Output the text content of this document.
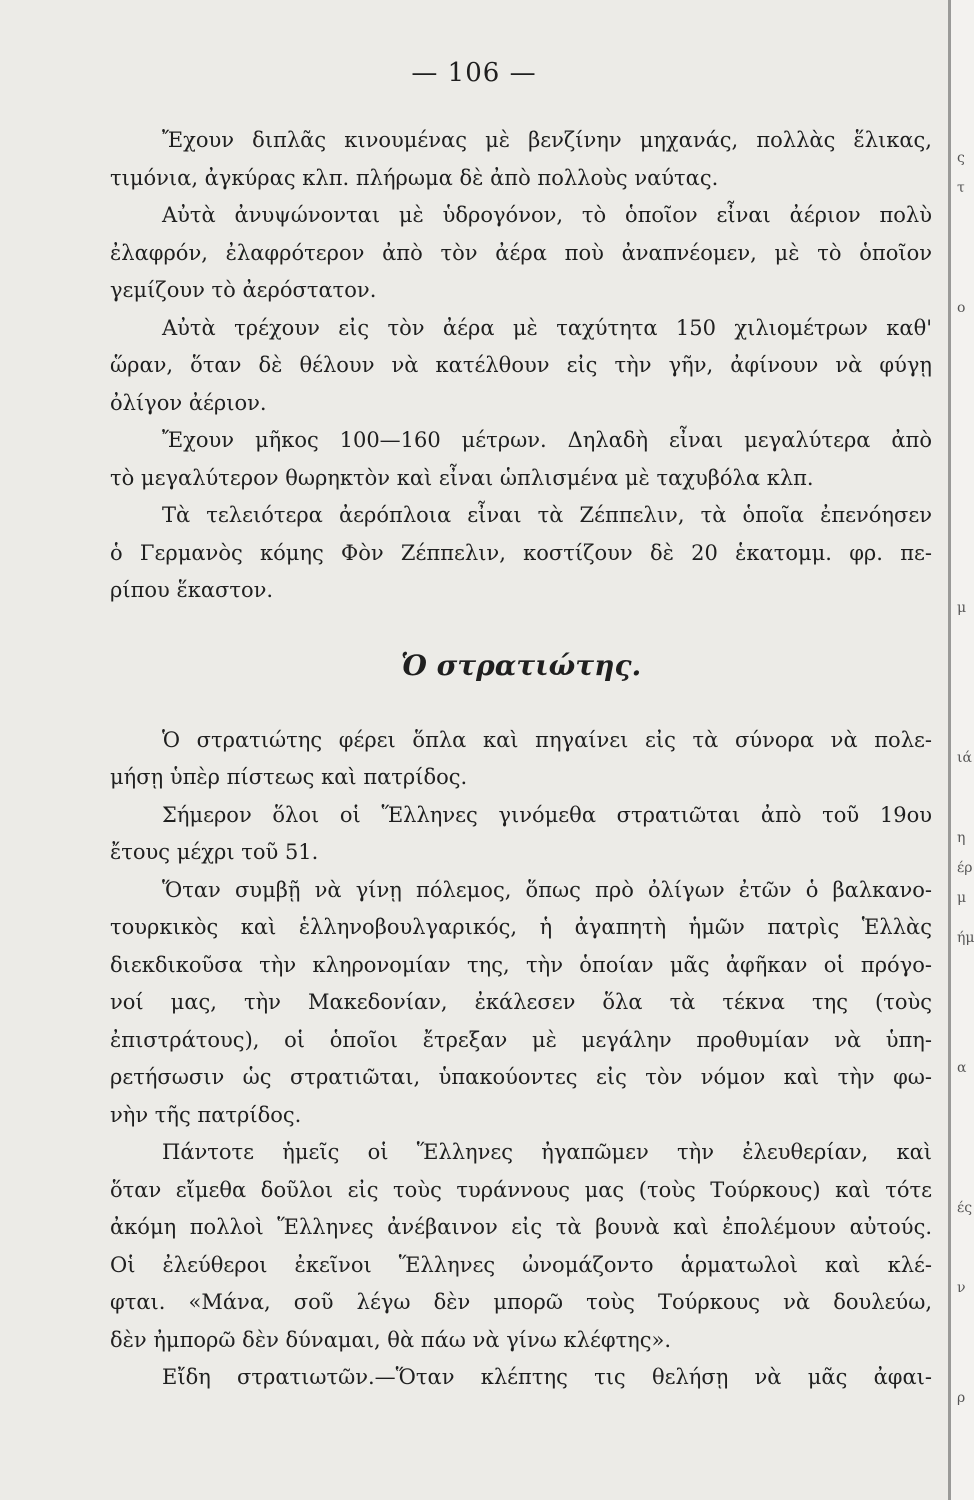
— 106 —
Ἔχουν διπλᾶς κινουμένας μὲ βενζίνην μηχανάς, πολλὰς ἕλικας,
τιμόνια, ἀγκύρας κλπ. πλήρωμα δὲ ἀπὸ πολλοὺς ναύτας.
Αὐτὰ ἀνυψώνονται μὲ ὑδρογόνον, τὸ ὁποῖον εἶναι ἀέριον πολὺ
ἐλαφρόν, ἐλαφρότερον ἀπὸ τὸν ἀέρα ποὺ ἀναπνέομεν, μὲ τὸ ὁποῖον
γεμίζουν τὸ ἀερόστατον.
Αὐτὰ τρέχουν εἰς τὸν ἀέρα μὲ ταχύτητα 150 χιλιομέτρων καθ'
ὥραν, ὅταν δὲ θέλουν νὰ κατέλθουν εἰς τὴν γῆν, ἀφίνουν νὰ φύγῃ
ὀλίγον ἀέριον.
Ἔχουν μῆκος 100—160 μέτρων. Δηλαδὴ εἶναι μεγαλύτερα ἀπὸ
τὸ μεγαλύτερον θωρηκτὸν καὶ εἶναι ὡπλισμένα μὲ ταχυβόλα κλπ.
Τὰ τελειότερα ἀερόπλοια εἶναι τὰ Ζέππελιν, τὰ ὁποῖα ἐπενόησεν
ὁ Γερμανὸς κόμης Φὸν Ζέππελιν, κοστίζουν δὲ 20 ἑκατομμ. φρ. πε-
ρίπου ἕκαστον.
Ὁ στρατιώτης.
Ὁ στρατιώτης φέρει ὅπλα καὶ πηγαίνει εἰς τὰ σύνορα νὰ πολε-
μήσῃ ὑπὲρ πίστεως καὶ πατρίδος.
Σήμερον ὅλοι οἱ Ἕλληνες γινόμεθα στρατιῶται ἀπὸ τοῦ 19ου
ἔτους μέχρι τοῦ 51.
Ὅταν συμβῇ νὰ γίνῃ πόλεμος, ὅπως πρὸ ὀλίγων ἐτῶν ὁ βαλκανο-
τουρκικὸς καὶ ἑλληνοβουλγαρικός, ἡ ἀγαπητὴ ἡμῶν πατρὶς Ἑλλὰς
διεκδικοῦσα τὴν κληρονομίαν της, τὴν ὁποίαν μᾶς ἀφῆκαν οἱ πρόγο-
νοί μας, τὴν Μακεδονίαν, ἐκάλεσεν ὅλα τὰ τέκνα της (τοὺς
ἐπιστράτους), οἱ ὁποῖοι ἔτρεξαν μὲ μεγάλην προθυμίαν νὰ ὑπη-
ρετήσωσιν ὡς στρατιῶται, ὑπακούοντες εἰς τὸν νόμον καὶ τὴν φω-
νὴν τῆς πατρίδος.
Πάντοτε ἡμεῖς οἱ Ἕλληνες ἠγαπῶμεν τὴν ἐλευθερίαν, καὶ
ὅταν εἴμεθα δοῦλοι εἰς τοὺς τυράννους μας (τοὺς Τούρκους) καὶ τότε
ἀκόμη πολλοὶ Ἕλληνες ἀνέβαινον εἰς τὰ βουνὰ καὶ ἐπολέμουν αὐτούς.
Οἱ ἐλεύθεροι ἐκεῖνοι Ἕλληνες ὠνομάζοντο ἁρματωλοὶ καὶ κλέ-
φται. «Μάνα, σοῦ λέγω δὲν μπορῶ τοὺς Τούρκους νὰ δουλεύω,
δὲν ἠμπορῶ δὲν δύναμαι, θὰ πάω νὰ γίνω κλέφτης».
Εἴδη στρατιωτῶν.—Ὅταν κλέπτης τις θελήσῃ νὰ μᾶς ἀφαι-
ς
τ
ο
μ
ιά
η
έρ
μ
ήμ
α
ές
ν
ρ
